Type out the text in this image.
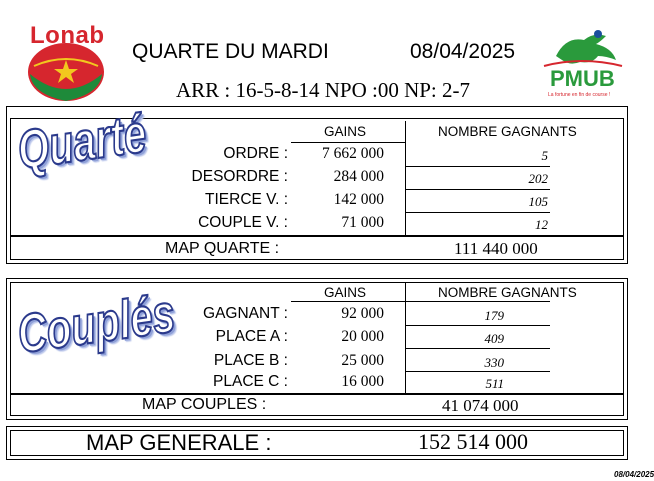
Lonab
QUARTE DU MARDI	08/04/2025
ARR : 16-5-8-14 NPO :00 NP: 2-7	PMUB
La fortune en fin de course !
Quarté	GAINS	NOMBRE GAGNANTS
ORDRE :	7 662 000	5
DESORDRE :	284 000	202
TIERCE V. :	142 000	105
COUPLE V. :	71 000	12
MAP QUARTE :	111 440 000
Couplés	GAINS	NOMBRE GAGNANTS
GAGNANT :	92 000	179
PLACE A :	20 000	409
PLACE B :	25 000	330
PLACE C :	16 000	511
MAP COUPLES :	41 074 000
MAP GENERALE :	152 514 000
08/04/2025
